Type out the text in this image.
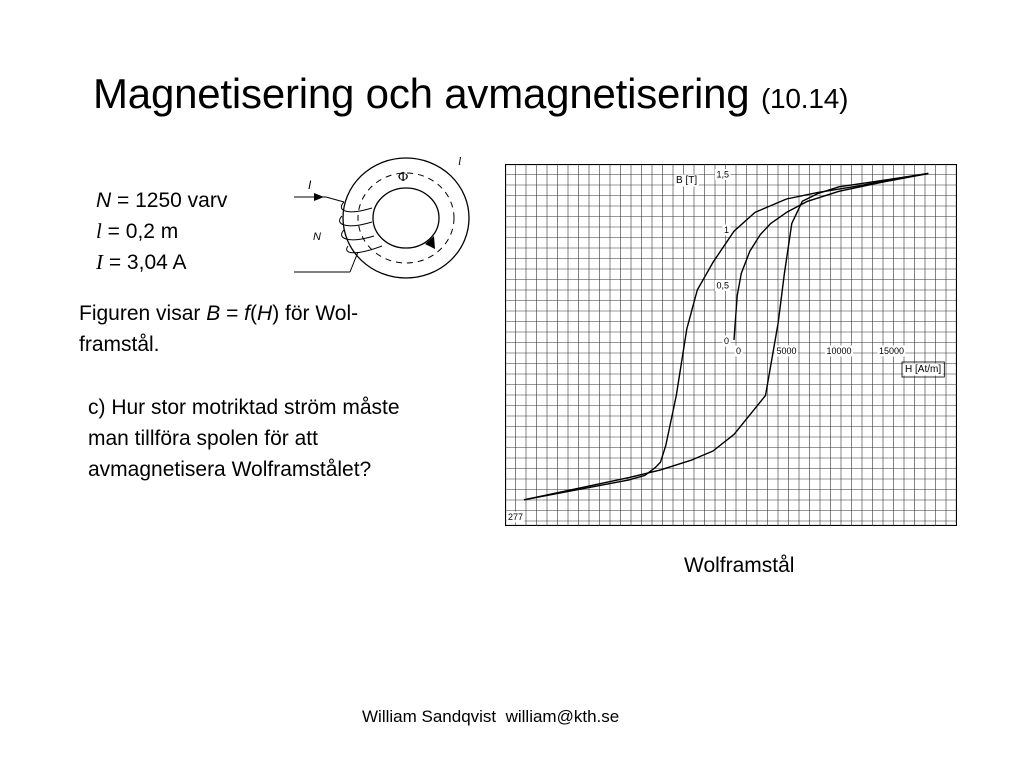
Magnetisering och avmagnetisering (10.14)
N = 1250 varv
l = 0,2 m
I = 3,04 A
Figuren visar B = f(H) för Wol-
framstål.
c) Hur stor motriktad ström måste
man tillföra spolen för att
avmagnetisera Wolframstålet?
Φ
l
I
N
0
0,5
1
1,5
0	5000	10000	15000
B [T]
H [At/m]
277
Wolframstål
William Sandqvist  william@kth.se
